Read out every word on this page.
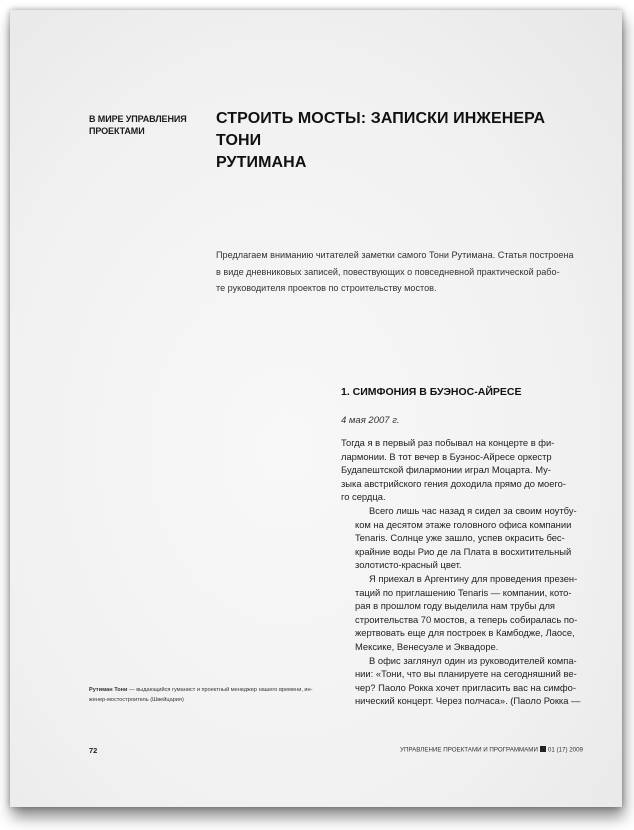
В МИРЕ УПРАВЛЕНИЯ
ПРОЕКТАМИ
СТРОИТЬ МОСТЫ: ЗАПИСКИ ИНЖЕНЕРА ТОНИ
РУТИМАНА
Предлагаем вниманию читателей заметки самого Тони Рутимана. Статья построена
в виде дневниковых записей, повествующих о повседневной практической рабо-
те руководителя проектов по строительству мостов.
1. СИМФОНИЯ В БУЭНОС-АЙРЕСЕ
4 мая 2007 г.

Тогда я в первый раз побывал на концерте в фи-
лармонии. В тот вечер в Буэнос-Айресе оркестр
Будапештской филармонии играл Моцарта. Му-
зыка австрийского гения доходила прямо до моего-
го сердца.

Всего лишь час назад я сидел за своим ноутбу-
ком на десятом этаже головного офиса компании
Tenaris. Солнце уже зашло, успев окрасить бес-
крайние воды Рио де ла Плата в восхитительный
золотисто-красный цвет.

Я приехал в Аргентину для проведения презен-
таций по приглашению Tenaris — компании, кото-
рая в прошлом году выделила нам трубы для
строительства 70 мостов, а теперь собиралась по-
жертвовать еще для построек в Камбодже, Лаосе,
Мексике, Венесуэле и Эквадоре.

В офис заглянул один из руководителей компа-
нии: «Тони, что вы планируете на сегодняшний ве-
чер? Паоло Рокка хочет пригласить вас на симфо-
нический концерт. Через полчаса». (Паоло Рокка —

Рутиман Тони — выдающийся гуманист и проектный менеджер нашего времени, ин-
женер-мостостроитель (Швейцария)
72	УПРАВЛЕНИЕ ПРОЕКТАМИ И ПРОГРАММАМИ 01 (17) 2009
